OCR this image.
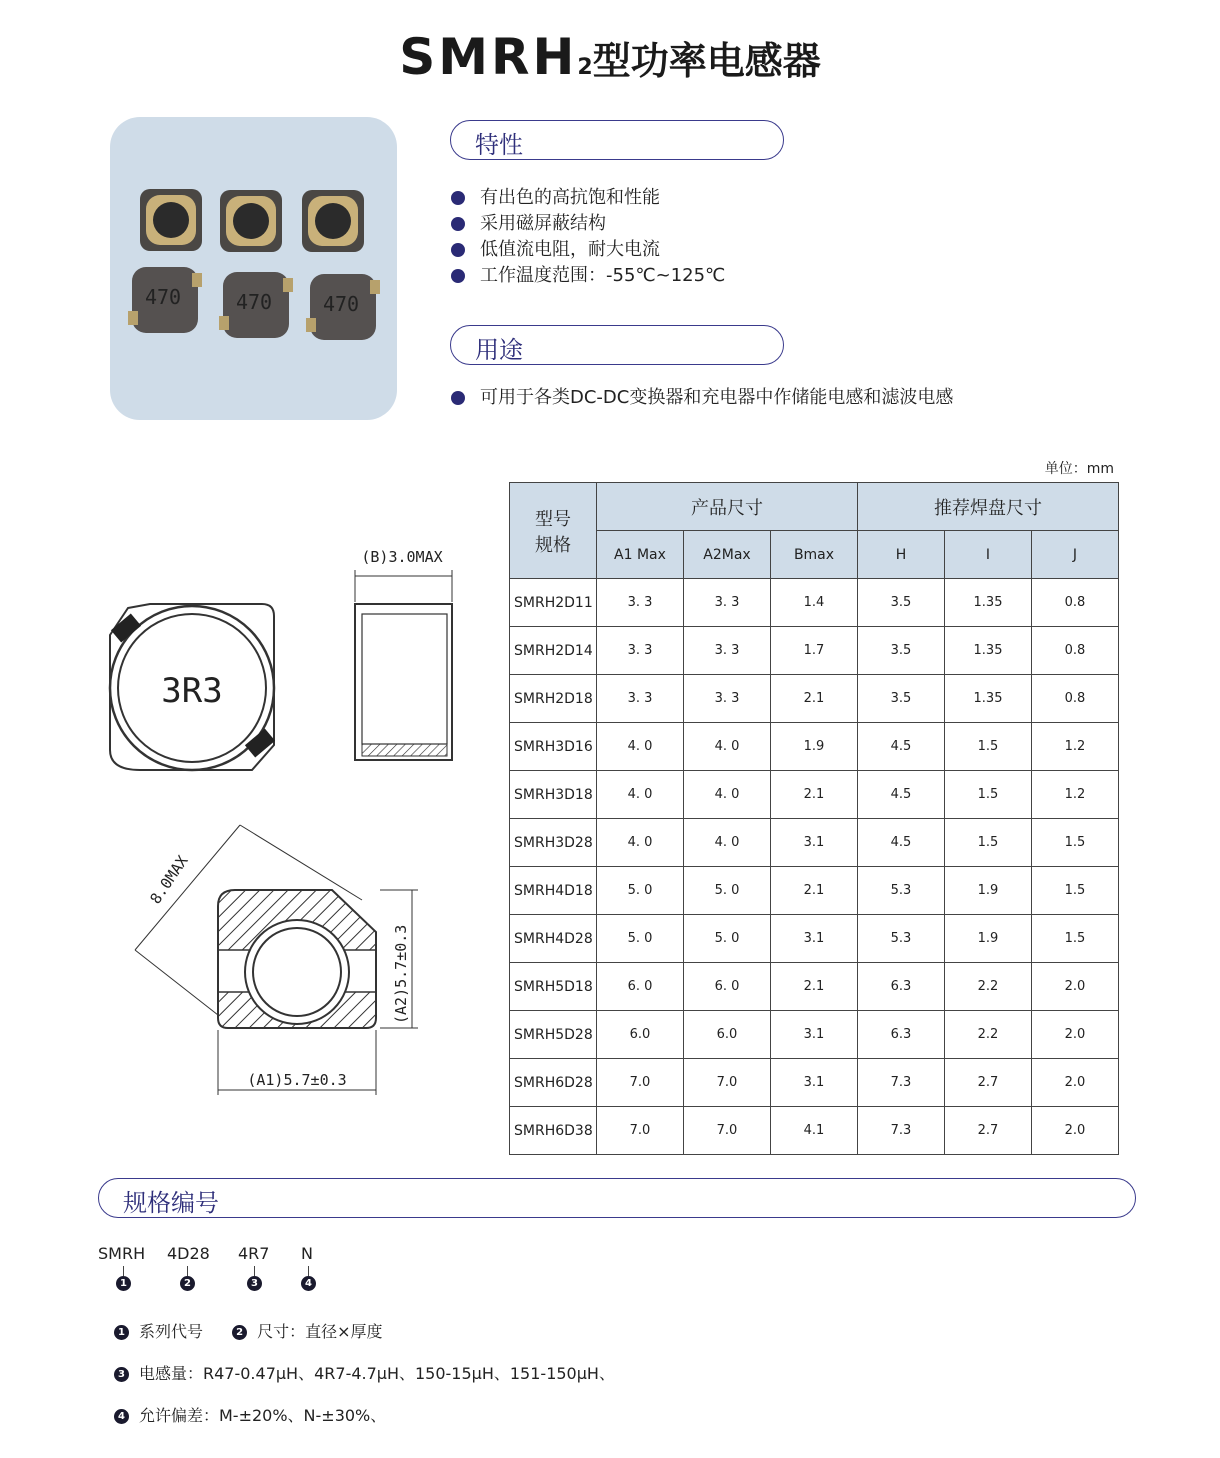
SMRH2型功率电感器
470	470	470
特性
有出色的高抗饱和性能
采用磁屏蔽结构
低值流电阻，耐大电流
工作温度范围：-55℃~125℃
用途
可用于各类DC-DC变换器和充电器中作储能电感和滤波电感
3R3
(B)3.0MAX
8.0MAX
(A1)5.7±0.3
(A2)5.7±0.3
单位：mm
型号
规格	产品尺寸			推荐焊盘尺寸		
	A1 Max	A2Max	Bmax	H	I	J
SMRH2D11	3. 3	3. 3	1.4	3.5	1.35	0.8
SMRH2D14	3. 3	3. 3	1.7	3.5	1.35	0.8
SMRH2D18	3. 3	3. 3	2.1	3.5	1.35	0.8
SMRH3D16	4. 0	4. 0	1.9	4.5	1.5	1.2
SMRH3D18	4. 0	4. 0	2.1	4.5	1.5	1.2
SMRH3D28	4. 0	4. 0	3.1	4.5	1.5	1.5
SMRH4D18	5. 0	5. 0	2.1	5.3	1.9	1.5
SMRH4D28	5. 0	5. 0	3.1	5.3	1.9	1.5
SMRH5D18	6. 0	6. 0	2.1	6.3	2.2	2.0
SMRH5D28	6.0	6.0	3.1	6.3	2.2	2.0
SMRH6D28	7.0	7.0	3.1	7.3	2.7	2.0
SMRH6D38	7.0	7.0	4.1	7.3	2.7	2.0
规格编号
SMRH 4D28 4R7 N
1	2	3	4
1 系列代号	2 尺寸：直径×厚度
3 电感量：R47-0.47μH、4R7-4.7μH、150-15μH、151-150μH、
4 允许偏差：M-±20%、N-±30%、
